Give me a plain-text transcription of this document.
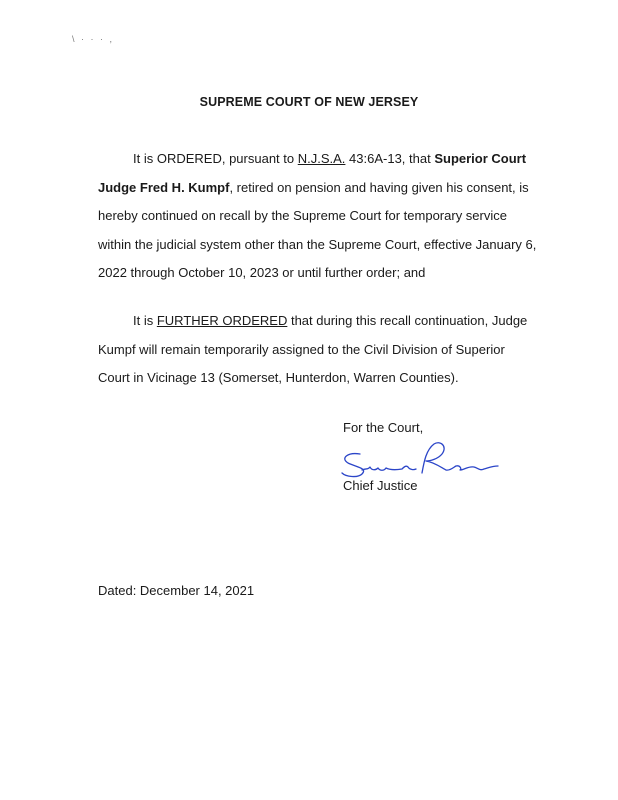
\ · · · ,
SUPREME COURT OF NEW JERSEY
It is ORDERED, pursuant to N.J.S.A. 43:6A-13, that Superior Court Judge Fred H. Kumpf, retired on pension and having given his consent, is hereby continued on recall by the Supreme Court for temporary service within the judicial system other than the Supreme Court, effective January 6, 2022 through October 10, 2023 or until further order; and
It is FURTHER ORDERED that during this recall continuation, Judge Kumpf will remain temporarily assigned to the Civil Division of Superior Court in Vicinage 13 (Somerset, Hunterdon, Warren Counties).
For the Court,
Chief Justice
Dated: December 14, 2021
